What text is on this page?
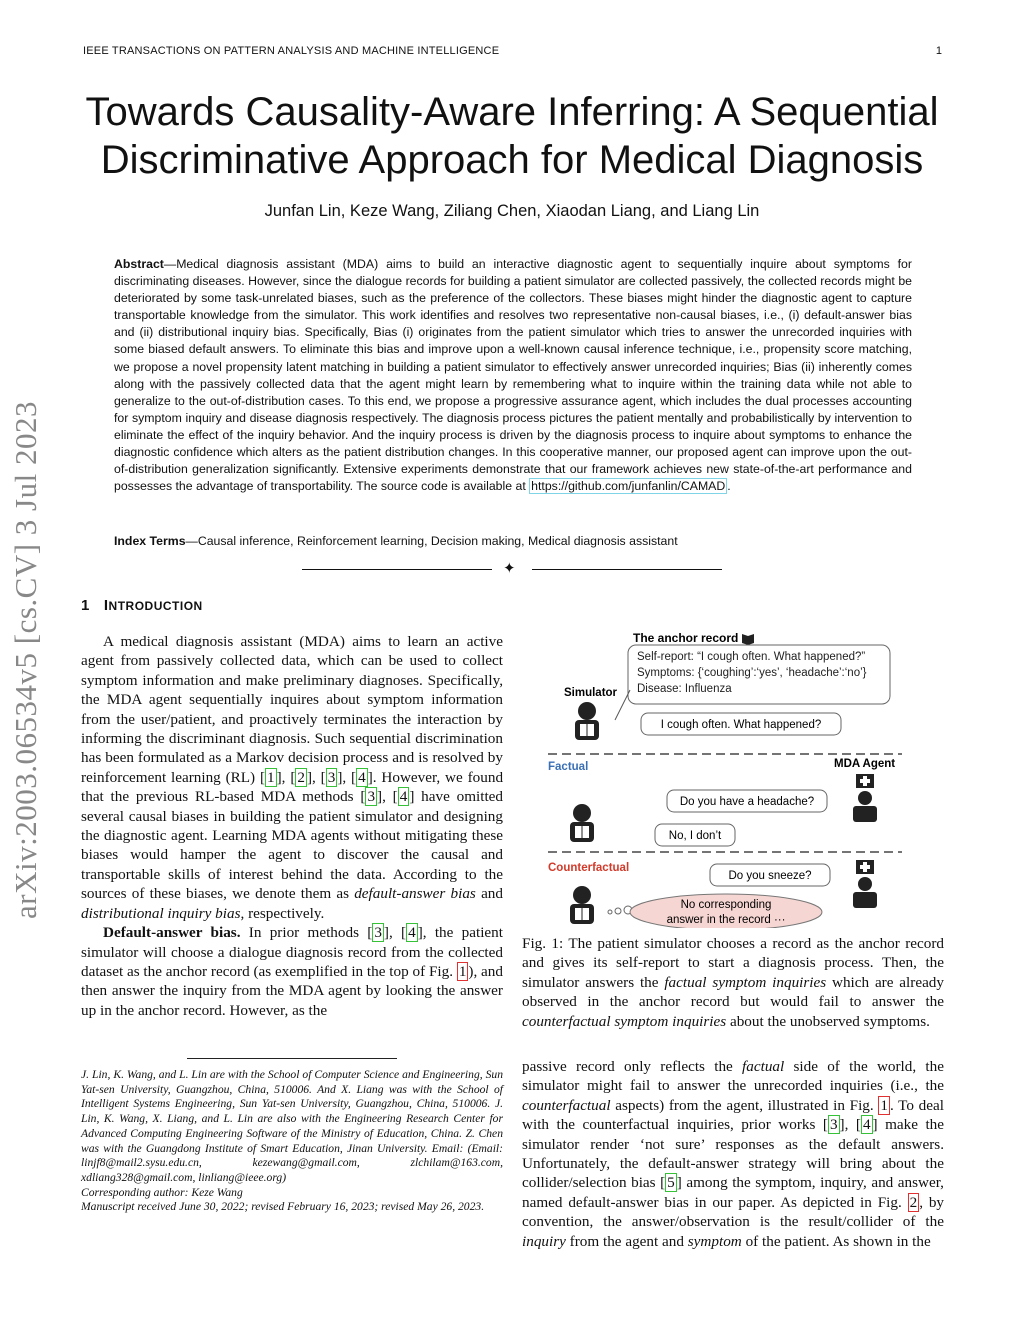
IEEE TRANSACTIONS ON PATTERN ANALYSIS AND MACHINE INTELLIGENCE	1
Towards Causality-Aware Inferring: A Sequential
Discriminative Approach for Medical Diagnosis
Junfan Lin, Keze Wang, Ziliang Chen, Xiaodan Liang, and Liang Lin

Abstract—Medical diagnosis assistant (MDA) aims to build an interactive diagnostic agent to sequentially inquire about symptoms for discriminating diseases. However, since the dialogue records for building a patient simulator are collected passively, the collected records might be deteriorated by some task-unrelated biases, such as the preference of the collectors. These biases might hinder the diagnostic agent to capture transportable knowledge from the simulator. This work identifies and resolves two representative non-causal biases, i.e., (i) default-answer bias and (ii) distributional inquiry bias. Specifically, Bias (i) originates from the patient simulator which tries to answer the unrecorded inquiries with some biased default answers. To eliminate this bias and improve upon a well-known causal inference technique, i.e., propensity score matching, we propose a novel propensity latent matching in building a patient simulator to effectively answer unrecorded inquiries; Bias (ii) inherently comes along with the passively collected data that the agent might learn by remembering what to inquire within the training data while not able to generalize to the out-of-distribution cases. To this end, we propose a progressive assurance agent, which includes the dual processes accounting for symptom inquiry and disease diagnosis respectively. The diagnosis process pictures the patient mentally and probabilistically by intervention to eliminate the effect of the inquiry behavior. And the inquiry process is driven by the diagnosis process to inquire about symptoms to enhance the diagnostic confidence which alters as the patient distribution changes. In this cooperative manner, our proposed agent can improve upon the out-of-distribution generalization significantly. Extensive experiments demonstrate that our framework achieves new state-of-the-art performance and possesses the advantage of transportability. The source code is available at https://github.com/junfanlin/CAMAD .

Index Terms—Causal inference, Reinforcement learning, Decision making, Medical diagnosis assistant
✦
arXiv:2003.06534v5 [cs.CV] 3 Jul 2023	1 INTRODUCTION

A medical diagnosis assistant (MDA) aims to learn an active agent from passively collected data, which can be used to collect symptom information and make preliminary diagnoses. Specifically, the MDA agent sequentially inquires about symptom information from the user/patient, and proactively terminates the interaction by informing the discriminant diagnosis. Such sequential discrimination has been formulated as a Markov decision process and is resolved by reinforcement learning (RL) [ 1 ], [ 2 ], [ 3 ], [ 4 ]. However, we found that the previous RL-based MDA methods [ 3 ], [ 4 ] have omitted several causal biases in building the patient simulator and designing the diagnostic agent. Learning MDA agents without mitigating these biases would hamper the agent to discover the causal and transportable skills of interest behind the data. According to the sources of these biases, we denote them as default-answer bias and distributional inquiry bias, respectively.

Default-answer bias. In prior methods [ 3 ], [ 4 ], the patient simulator will choose a dialogue diagnosis record from the collected dataset as the anchor record (as exemplified in the top of Fig. 1 ), and then answer the inquiry from the MDA agent by looking the answer up in the anchor record. However, as the

J. Lin, K. Wang, and L. Lin are with the School of Computer Science and Engineering, Sun Yat-sen University, Guangzhou, China, 510006. And X. Liang was with the School of Intelligent Systems Engineering, Sun Yat-sen University, Guangzhou, China, 510006. J. Lin, K. Wang, X. Liang, and L. Lin are also with the Engineering Research Center for Advanced Computing Engineering Software of the Ministry of Education, China. Z. Chen was with the Guangdong Institute of Smart Education, Jinan University. Email: (Email: linjf8@mail2.sysu.edu.cn, kezewang@gmail.com, zlchilam@163.com, xdliang328@gmail.com, linliang@ieee.org)

Corresponding author: Keze Wang

Manuscript received June 30, 2022; revised February 16, 2023; revised May 26, 2023.

The anchor record
Self-report: “I cough often. What happened?”
Symptoms: {‘coughing’:‘yes’, ‘headache’:‘no’}
Disease: Influenza
Simulator
I cough often. What happened?
Factual	MDA Agent
Do you have a headache?
No, I don’t
Counterfactual
Do you sneeze?
No corresponding
answer in the record ···

Fig. 1: The patient simulator chooses a record as the anchor record and gives its self-report to start a diagnosis process. Then, the simulator answers the factual symptom inquiries which are already observed in the anchor record but would fail to answer the counterfactual symptom inquiries about the unobserved symptoms.

passive record only reflects the factual side of the world, the simulator might fail to answer the unrecorded inquiries (i.e., the counterfactual aspects) from the agent, illustrated in Fig. 1 . To deal with the counterfactual inquiries, prior works [ 3 ], [ 4 ] make the simulator render ‘not sure’ responses as the default answers. Unfortunately, the default-answer strategy will bring about the collider/selection bias [ 5 ] among the symptom, inquiry, and answer, named default-answer bias in our paper. As depicted in Fig. 2 , by convention, the answer/observation is the result/collider of the inquiry from the agent and symptom of the patient. As shown in the
